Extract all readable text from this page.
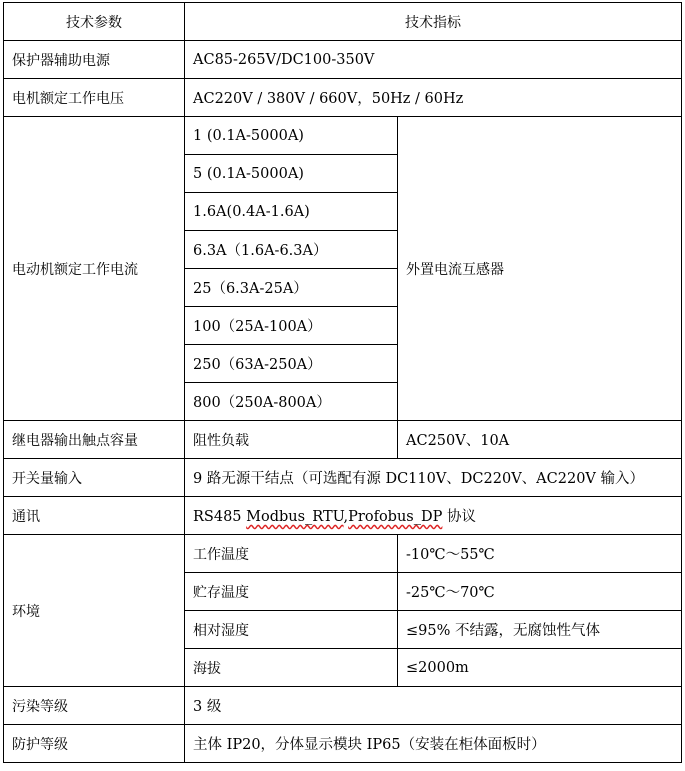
技术参数	技术指标	
保护器辅助电源	AC85-265V/DC100-350V	
电机额定工作电压	AC220V / 380V / 660V，50Hz / 60Hz	
电动机额定工作电流	1 (0.1A-5000A)	外置电流互感器
	5 (0.1A-5000A)	
	1.6A(0.4A-1.6A)	
	6.3A（1.6A-6.3A）	
	25（6.3A-25A）	
	100（25A-100A）	
	250（63A-250A）	
	800（250A-800A）	
继电器输出触点容量	阻性负载	AC250V、10A
开关量输入	9 路无源干结点（可选配有源 DC110V、DC220V、AC220V 输入）	
通讯	RS485 Modbus_RTU,Profobus_DP 协议	
环境	工作温度	-10℃～55℃
	贮存温度	-25℃～70℃
	相对湿度	≤95% 不结露，无腐蚀性气体
	海拔	≤2000m
污染等级	3 级	
防护等级	主体 IP20，分体显示模块 IP65（安装在柜体面板时）	
